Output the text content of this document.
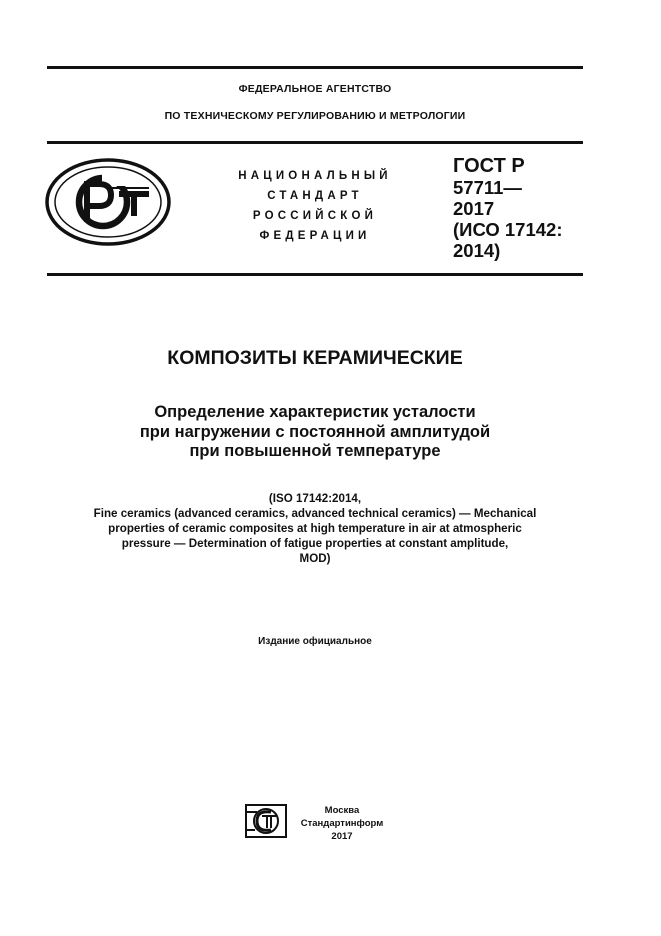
ФЕДЕРАЛЬНОЕ АГЕНТСТВО
ПО ТЕХНИЧЕСКОМУ РЕГУЛИРОВАНИЮ И МЕТРОЛОГИИ
НАЦИОНАЛЬНЫЙ
СТАНДАРТ
РОССИЙСКОЙ
ФЕДЕРАЦИИ
ГОСТ Р
57711—
2017
(ИСО 17142:
2014)
КОМПОЗИТЫ КЕРАМИЧЕСКИЕ
Определение характеристик усталости
при нагружении с постоянной амплитудой
при повышенной температуре
(ISO 17142:2014,
Fine ceramics (advanced ceramics, advanced technical ceramics) — Mechanical
properties of ceramic composites at high temperature in air at atmospheric
pressure — Determination of fatigue properties at constant amplitude,
MOD)
Издание официальное
Москва
Стандартинформ
2017
